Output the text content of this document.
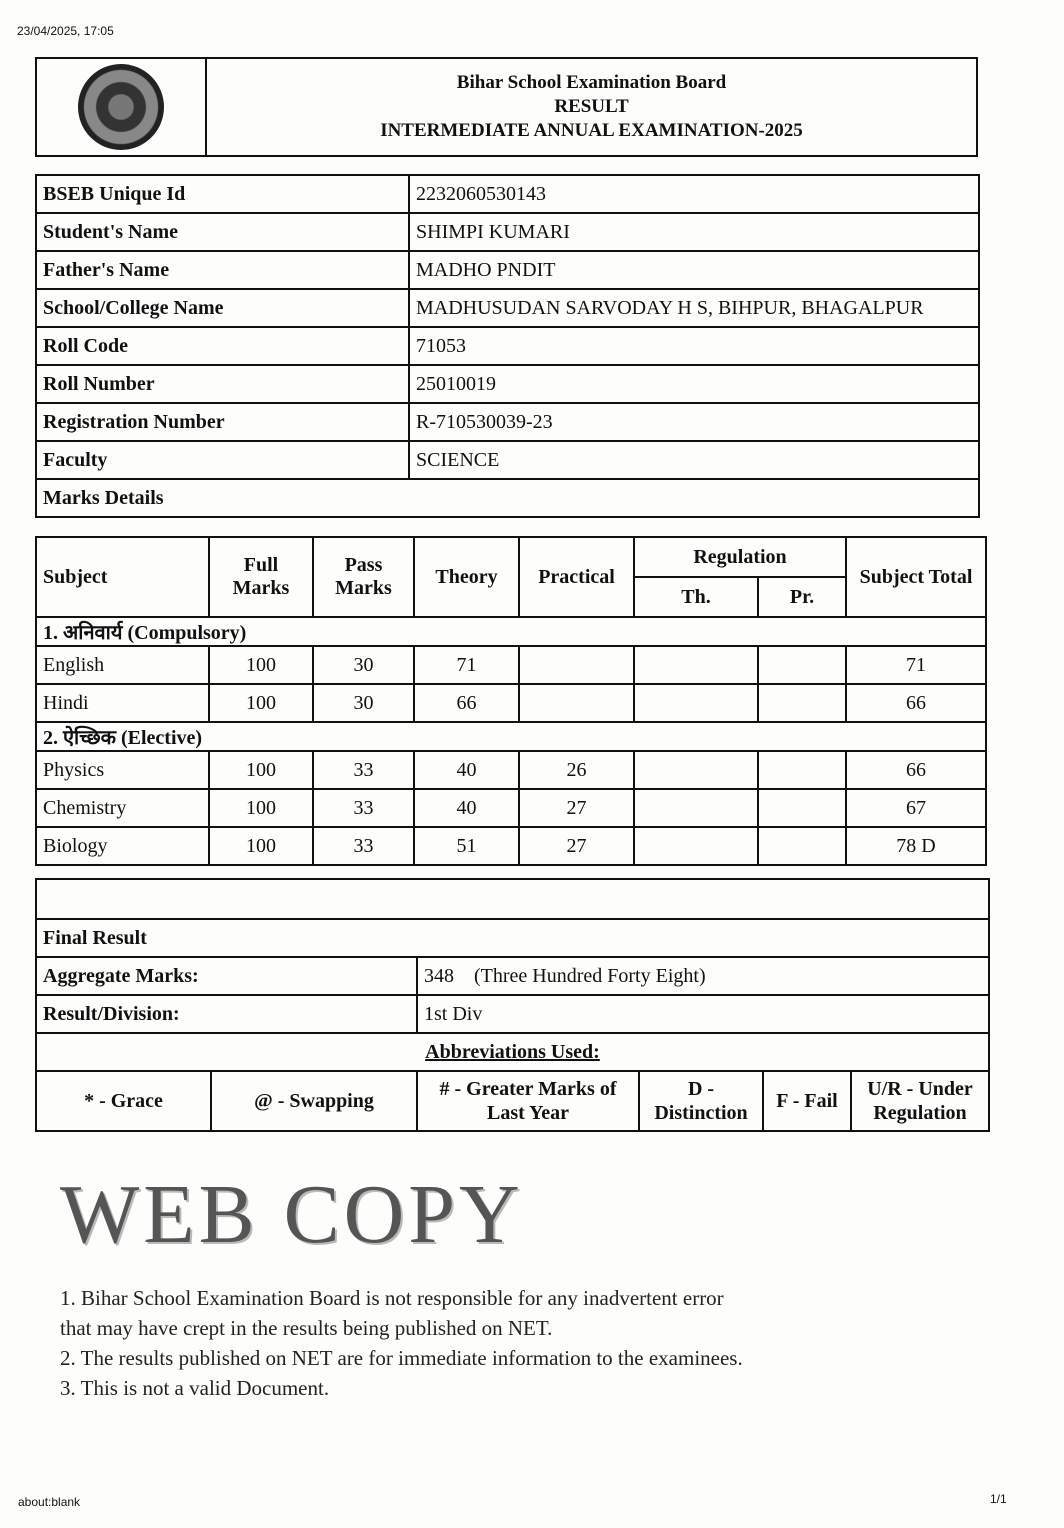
23/04/2025, 17:05

Bihar School Examination Board
RESULT
INTERMEDIATE ANNUAL EXAMINATION-2025
BSEB Unique Id	2232060530143
Student's Name	SHIMPI KUMARI
Father's Name	MADHO PNDIT
School/College Name	MADHUSUDAN SARVODAY H S, BIHPUR, BHAGALPUR
Roll Code	71053
Roll Number	25010019
Registration Number	R-710530039-23
Faculty	SCIENCE
Marks Details	
Subject	Full Marks	Pass Marks	Theory	Practical	Regulation		Subject Total
					Th.	Pr.	
1. अनिवार्य (Compulsory)							
English	100	30	71				71
Hindi	100	30	66				66
2. ऐच्छिक (Elective)							
Physics	100	33	40	26			66
Chemistry	100	33	40	27			67
Biology	100	33	51	27			78 D

Final Result					
Aggregate Marks:		348 (Three Hundred Forty Eight)			
Result/Division:		1st Div			
Abbreviations Used:					
* - Grace	@ - Swapping	# - Greater Marks of Last Year	D - Distinction	F - Fail	U/R - Under Regulation
WEB COPY
1. Bihar School Examination Board is not responsible for any inadvertent error
that may have crept in the results being published on NET.
2. The results published on NET are for immediate information to the examinees.
3. This is not a valid Document.
about:blank	1/1
